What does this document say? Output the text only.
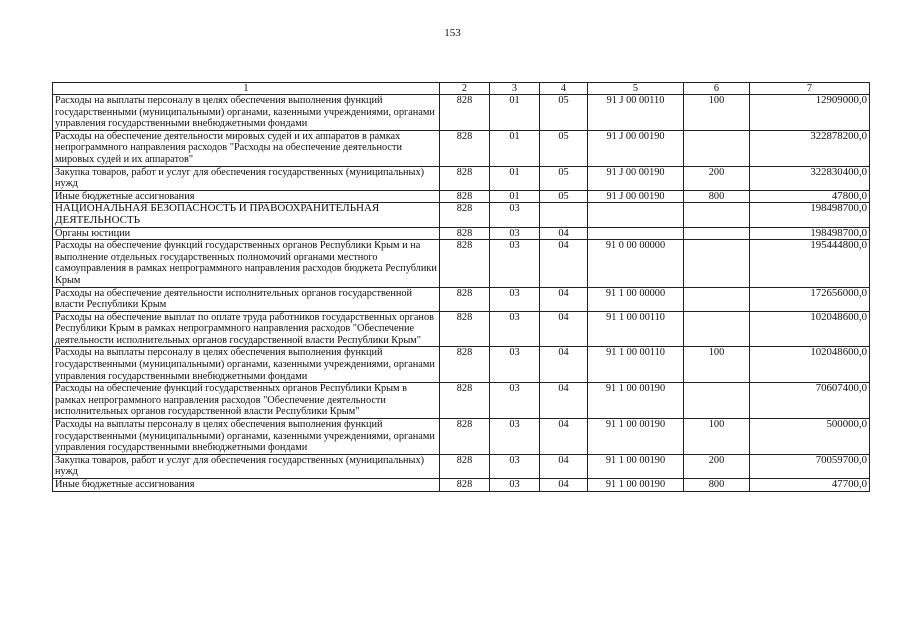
153
1	2	3	4	5	6	7
Расходы на выплаты персоналу в целях обеспечения выполнения функций государственными (муниципальными) органами, казенными учреждениями, органами управления государственными внебюджетными фондами	828	01	05	91 J 00 00110	100	12909000,0
Расходы на обеспечение деятельности мировых судей и их аппаратов в рамках непрограммного направления расходов "Расходы на обеспечение деятельности мировых судей и их аппаратов"	828	01	05	91 J 00 00190		322878200,0
Закупка товаров, работ и услуг для обеспечения государственных (муниципальных) нужд	828	01	05	91 J 00 00190	200	322830400,0
Иные бюджетные ассигнования	828	01	05	91 J 00 00190	800	47800,0
НАЦИОНАЛЬНАЯ БЕЗОПАСНОСТЬ И ПРАВООХРАНИТЕЛЬНАЯ ДЕЯТЕЛЬНОСТЬ	828	03				198498700,0
Органы юстиции	828	03	04			198498700,0
Расходы на обеспечение функций государственных органов Республики Крым и на выполнение отдельных государственных полномочий органами местного самоуправления в рамках непрограммного направления расходов бюджета Республики Крым	828	03	04	91 0 00 00000		195444800,0
Расходы на обеспечение деятельности исполнительных органов государственной власти Республики Крым	828	03	04	91 1 00 00000		172656000,0
Расходы на обеспечение выплат по оплате труда работников государственных органов Республики Крым в рамках непрограммного направления расходов "Обеспечение деятельности исполнительных органов государственной власти Республики Крым"	828	03	04	91 1 00 00110		102048600,0
Расходы на выплаты персоналу в целях обеспечения выполнения функций государственными (муниципальными) органами, казенными учреждениями, органами управления государственными внебюджетными фондами	828	03	04	91 1 00 00110	100	102048600,0
Расходы на обеспечение функций государственных органов Республики Крым в рамках непрограммного направления расходов "Обеспечение деятельности исполнительных органов государственной власти Республики Крым"	828	03	04	91 1 00 00190		70607400,0
Расходы на выплаты персоналу в целях обеспечения выполнения функций государственными (муниципальными) органами, казенными учреждениями, органами управления государственными внебюджетными фондами	828	03	04	91 1 00 00190	100	500000,0
Закупка товаров, работ и услуг для обеспечения государственных (муниципальных) нужд	828	03	04	91 1 00 00190	200	70059700,0
Иные бюджетные ассигнования	828	03	04	91 1 00 00190	800	47700,0
